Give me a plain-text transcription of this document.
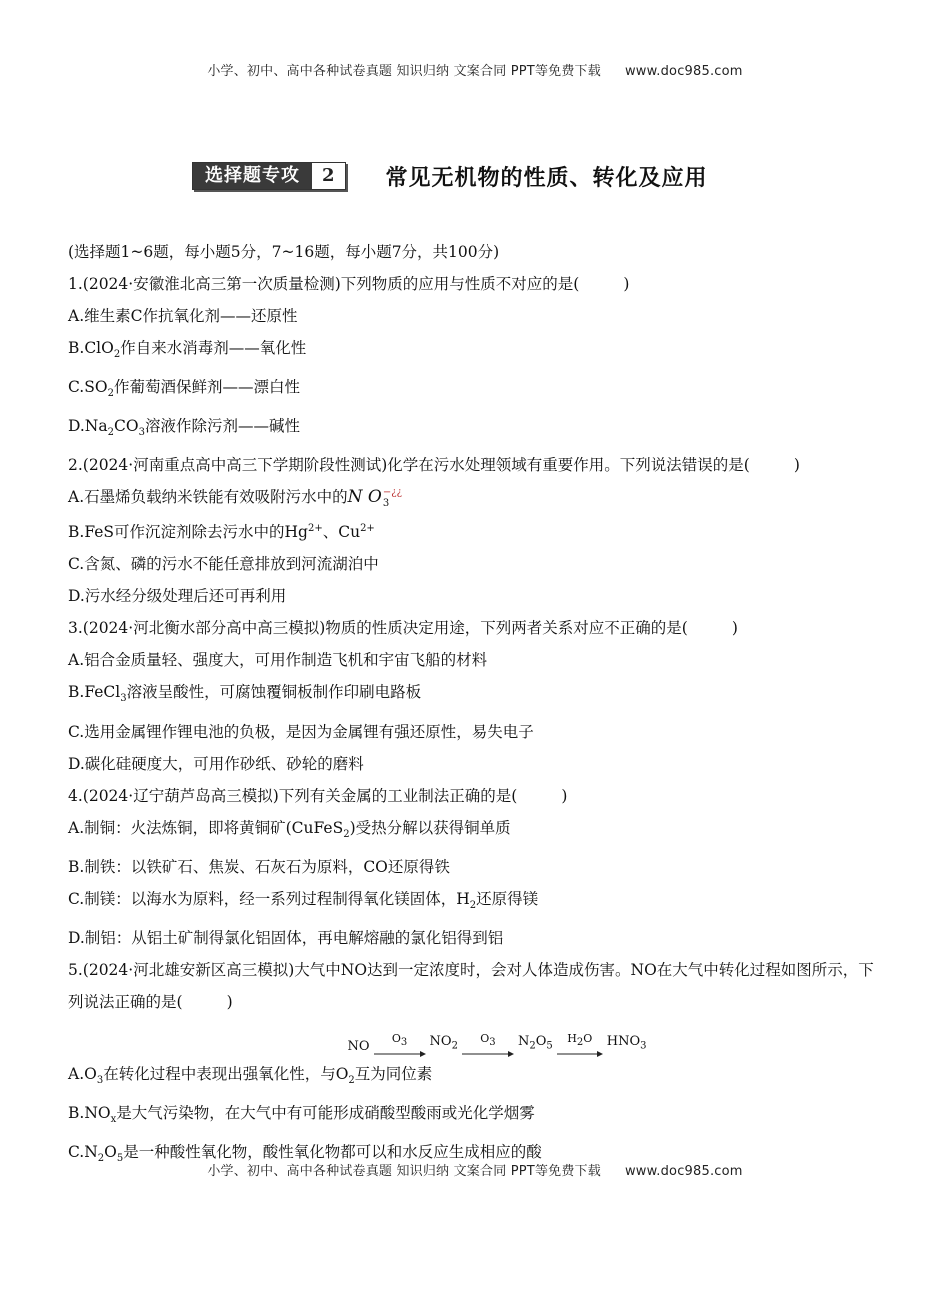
小学、初中、高中各种试卷真题 知识归纳 文案合同 PPT等免费下载 www.doc985.com
选择题专攻	2	常见无机物的性质、转化及应用
(选择题1~6题，每小题5分，7~16题，每小题7分，共100分)
1.(2024·安徽淮北高三第一次质量检测)下列物质的应用与性质不对应的是(	)
A.维生素C作抗氧化剂——还原性
B.ClO$_2$作自来水消毒剂——氧化性
$C.SO_2$作葡萄酒保鲜剂——漂白性
$D.Na_2CO_3$溶液作除污剂——碱性
2.(2024·河南重点高中高三下学期阶段性测试)化学在污水处理领域有重要作用。下列说法错误的是(	)
A.石墨烯负载纳米铁能有效吸附污水中的N O −¿¿
3
B.FeS可作沉淀剂除去污水中的$Hg^{2+}$、$Cu^{2+}$
C.含氮、磷的污水不能任意排放到河流湖泊中
D.污水经分级处理后还可再利用
3.(2024·河北衡水部分高中高三模拟)物质的性质决定用途，下列两者关系对应不正确的是(	)
A.铝合金质量轻、强度大，可用作制造飞机和宇宙飞船的材料
B.FeCl$_3$溶液呈酸性，可腐蚀覆铜板制作印刷电路板
C.选用金属锂作锂电池的负极，是因为金属锂有强还原性，易失电子
D.碳化硅硬度大，可用作砂纸、砂轮的磨料
4.(2024·辽宁葫芦岛高三模拟)下列有关金属的工业制法正确的是(	)
A.制铜：火法炼铜，即将黄铜矿(CuFeS$_2$)受热分解以获得铜单质
B.制铁：以铁矿石、焦炭、石灰石为原料，CO还原得铁
C.制镁：以海水为原料，经一系列过程制得氧化镁固体，$H_2$还原得镁
D.制铝：从铝土矿制得氯化铝固体，再电解熔融的氯化铝得到铝
5.(2024·河北雄安新区高三模拟)大气中NO达到一定浓度时，会对人体造成伤害。NO在大气中转化过程如图所示，下列说法正确的是(	)
NO
$O_3$ $NO_2$
$O_3$ $N_2O_5$
$H_2O$ $HNO_3$
$A.O_3$在转化过程中表现出强氧化性，与$O_2$互为同位素
$B.NO_x$是大气污染物，在大气中有可能形成硝酸型酸雨或光化学烟雾
$C.N_2O_5$是一种酸性氧化物，酸性氧化物都可以和水反应生成相应的酸
小学、初中、高中各种试卷真题 知识归纳 文案合同 PPT等免费下载 www.doc985.com
